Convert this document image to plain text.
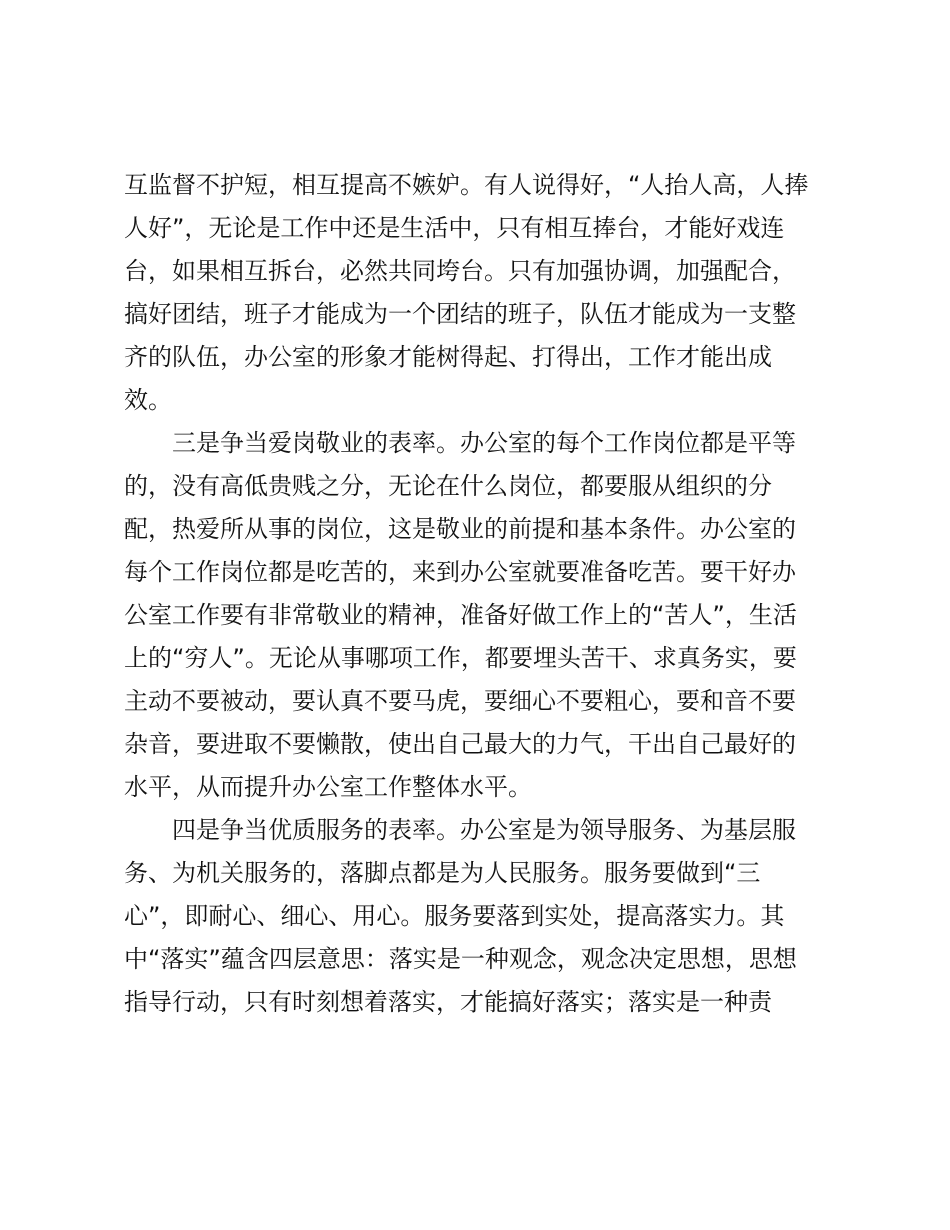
互监督不护短，相互提高不嫉妒。有人说得好，“人抬人高，人捧
人好”，无论是工作中还是生活中，只有相互捧台，才能好戏连
台，如果相互拆台，必然共同垮台。只有加强协调，加强配合，
搞好团结，班子才能成为一个团结的班子，队伍才能成为一支整
齐的队伍，办公室的形象才能树得起、打得出，工作才能出成
效。
三是争当爱岗敬业的表率。办公室的每个工作岗位都是平等
的，没有高低贵贱之分，无论在什么岗位，都要服从组织的分
配，热爱所从事的岗位，这是敬业的前提和基本条件。办公室的
每个工作岗位都是吃苦的，来到办公室就要准备吃苦。要干好办
公室工作要有非常敬业的精神，准备好做工作上的“苦人”，生活
上的“穷人”。无论从事哪项工作，都要埋头苦干、求真务实，要
主动不要被动，要认真不要马虎，要细心不要粗心，要和音不要
杂音，要进取不要懒散，使出自己最大的力气，干出自己最好的
水平，从而提升办公室工作整体水平。
四是争当优质服务的表率。办公室是为领导服务、为基层服
务、为机关服务的，落脚点都是为人民服务。服务要做到“三
心”，即耐心、细心、用心。服务要落到实处，提高落实力。其
中“落实”蕴含四层意思：落实是一种观念，观念决定思想，思想
指导行动，只有时刻想着落实，才能搞好落实；落实是一种责
